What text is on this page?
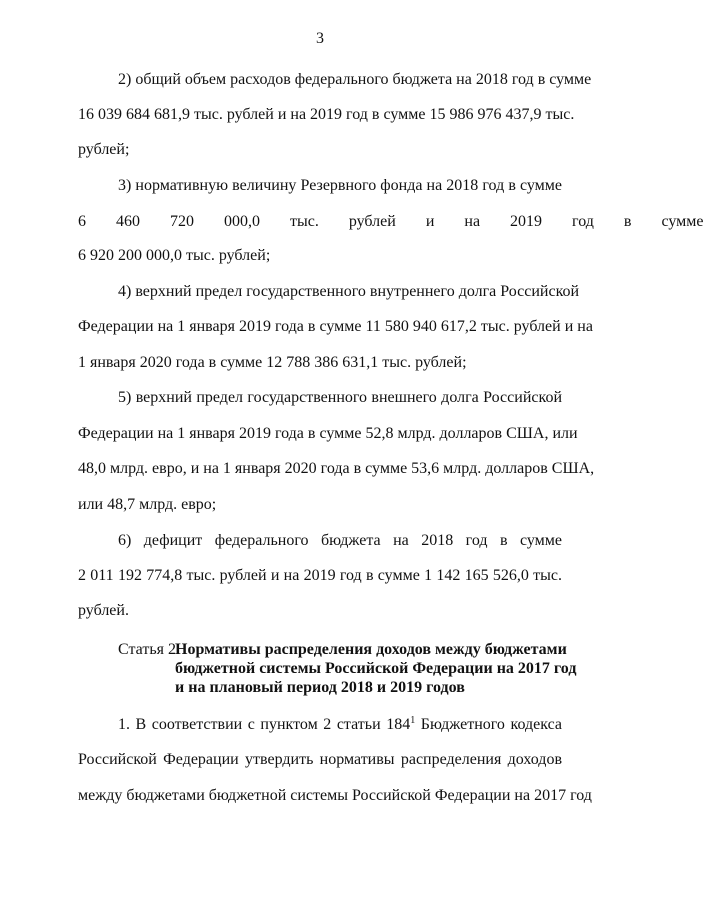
3
2) общий объем расходов федерального бюджета на 2018 год в сумме
16 039 684 681,9 тыс. рублей и на 2019 год в сумме 15 986 976 437,9 тыс.
рублей;
3) нормативную величину Резервного фонда на 2018 год в сумме
6 460 720 000,0 тыс. рублей и на 2019 год в сумме
6 920 200 000,0 тыс. рублей;
4) верхний предел государственного внутреннего долга Российской
Федерации на 1 января 2019 года в сумме 11 580 940 617,2 тыс. рублей и на
1 января 2020 года в сумме 12 788 386 631,1 тыс. рублей;
5) верхний предел государственного внешнего долга Российской
Федерации на 1 января 2019 года в сумме 52,8 млрд. долларов США, или
48,0 млрд. евро, и на 1 января 2020 года в сумме 53,6 млрд. долларов США,
или 48,7 млрд. евро;
6) дефицит федерального бюджета на 2018 год в сумме
2 011 192 774,8 тыс. рублей и на 2019 год в сумме 1 142 165 526,0 тыс.
рублей.
Статья 2.
Нормативы распределения доходов между бюджетами
бюджетной системы Российской Федерации на 2017 год
и на плановый период 2018 и 2019 годов
1. В соответствии с пунктом 2 статьи $184^1$ Бюджетного кодекса
Российской Федерации утвердить нормативы распределения доходов
между бюджетами бюджетной системы Российской Федерации на 2017 год
